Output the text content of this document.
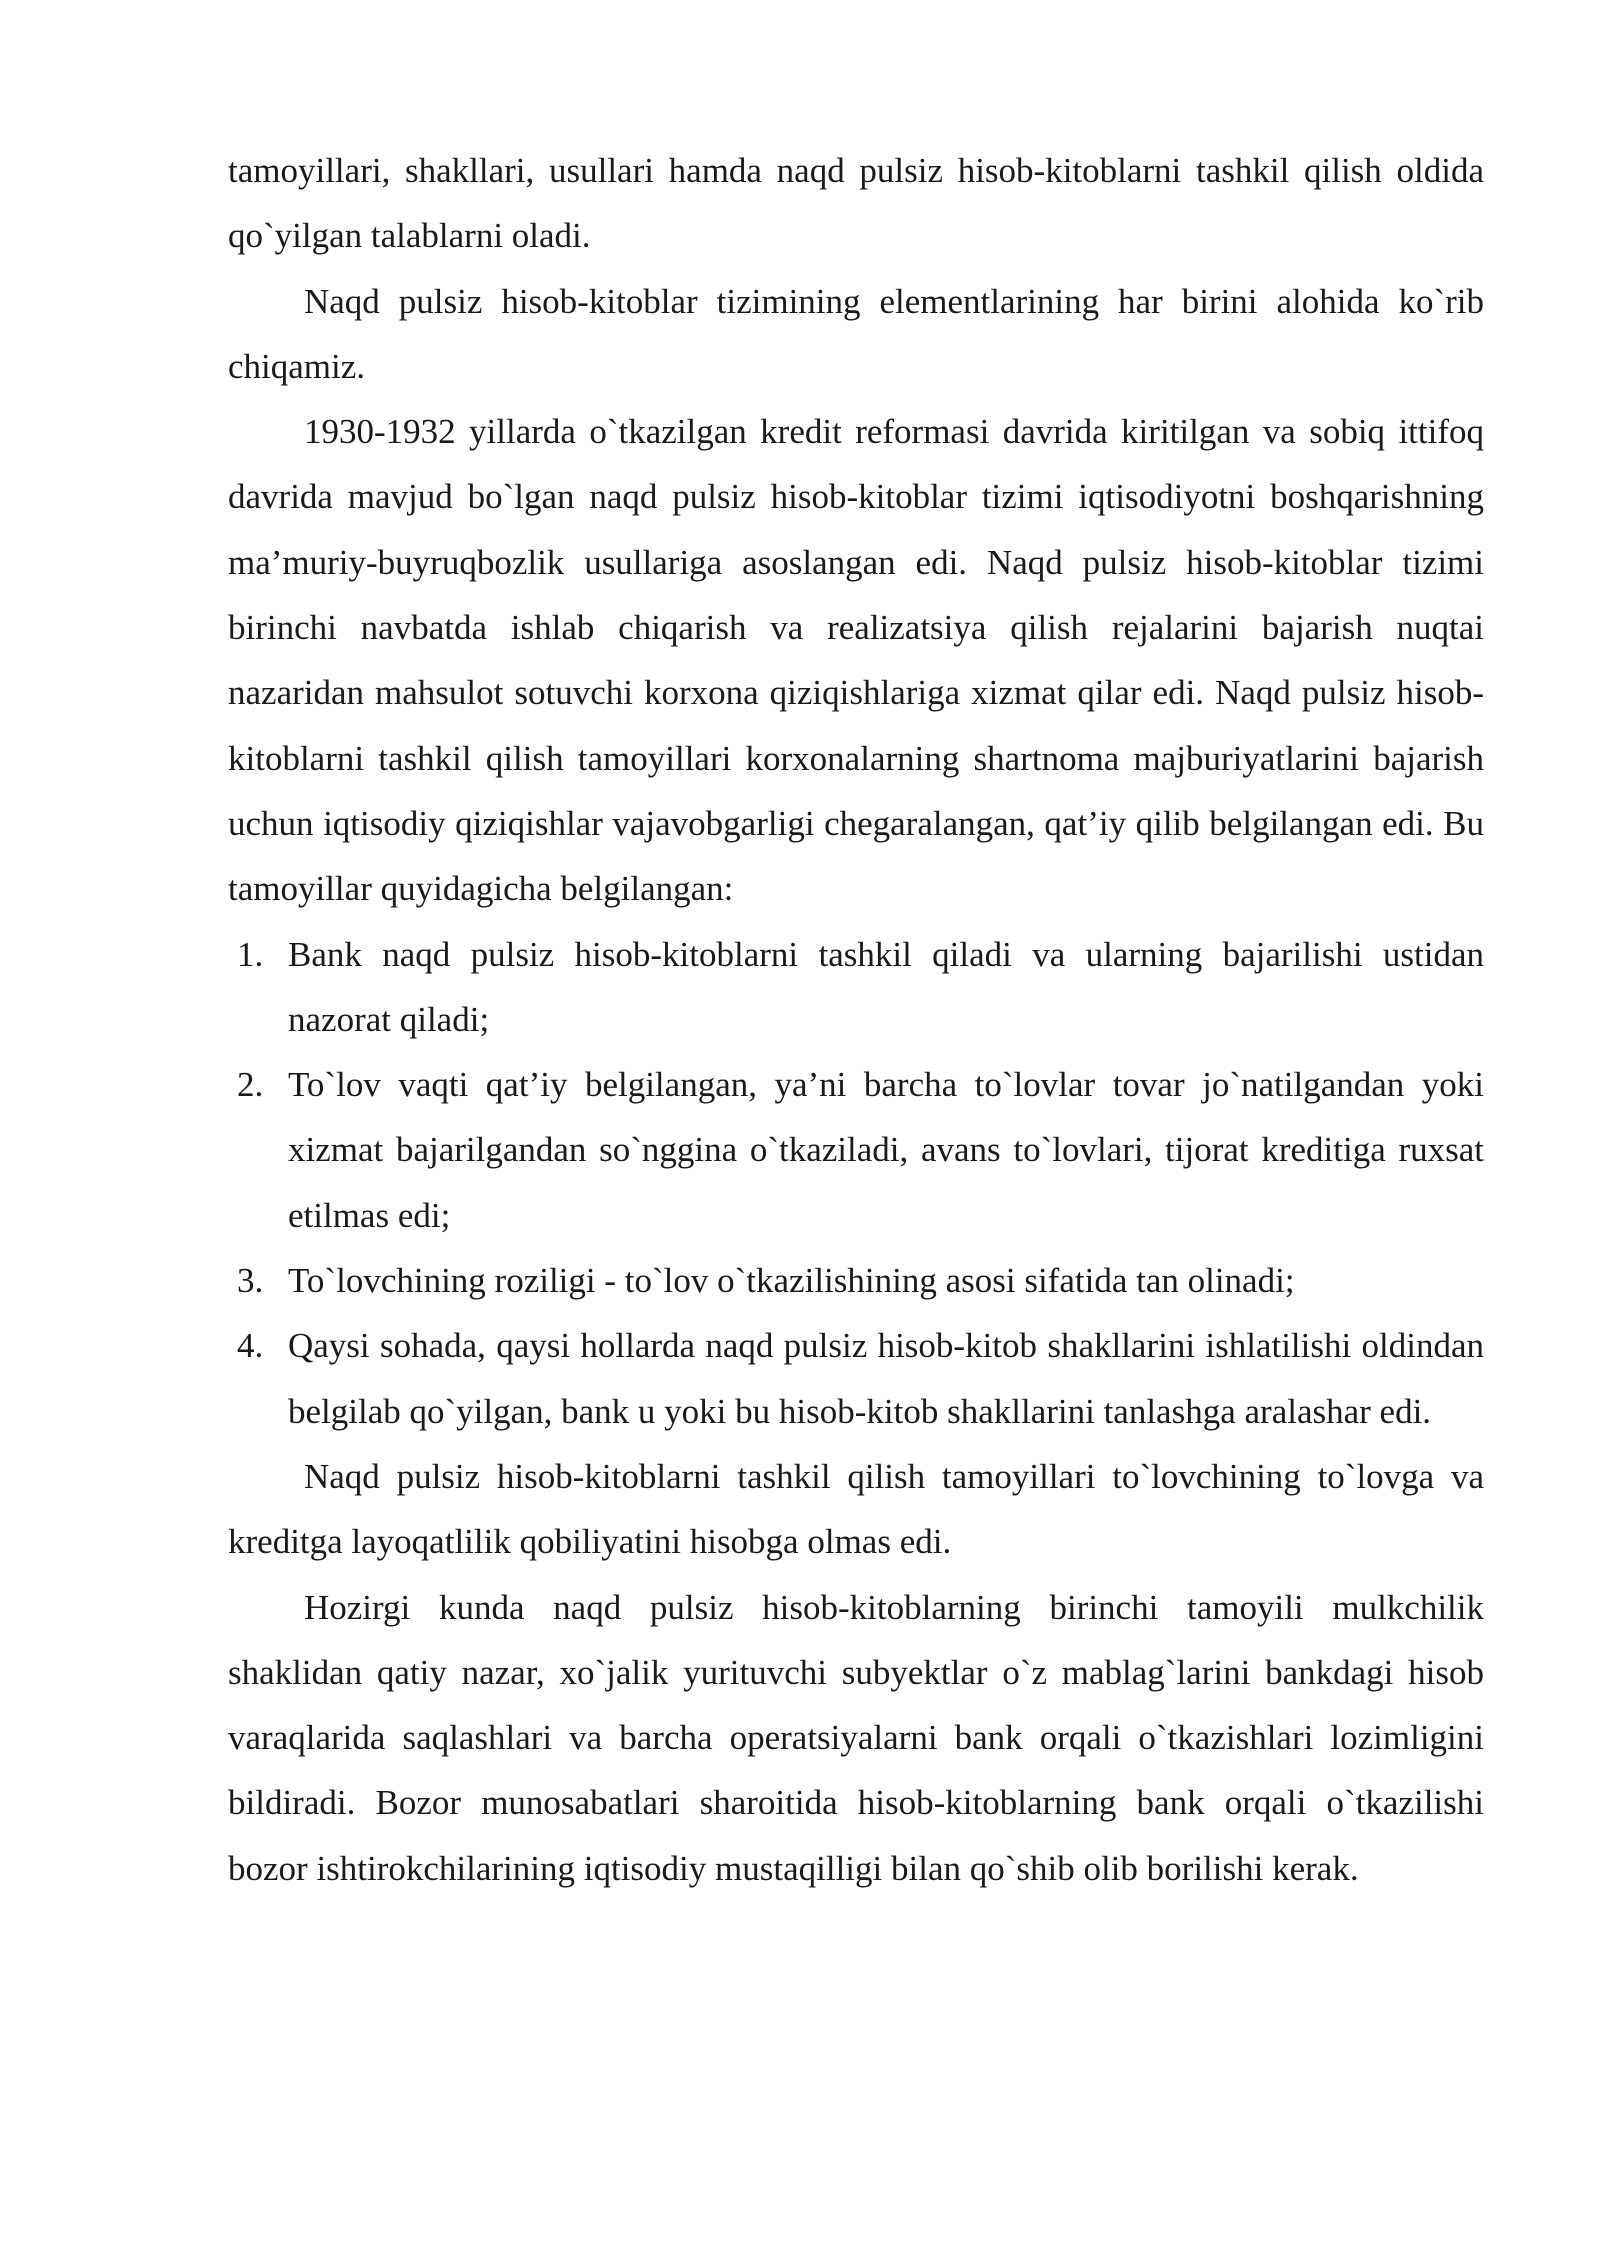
tamoyillari, shakllari, usullari hamda naqd pulsiz hisob-kitoblarni tashkil qilish oldida qo`yilgan talablarni oladi.

Naqd pulsiz hisob-kitoblar tizimining elementlarining har birini alohida ko`rib chiqamiz.

1930-1932 yillarda o`tkazilgan kredit reformasi davrida kiritilgan va sobiq ittifoq davrida mavjud bo`lgan naqd pulsiz hisob-kitoblar tizimi iqtisodiyotni boshqarishning ma’muriy-buyruqbozlik usullariga asoslangan edi. Naqd pulsiz hisob-kitoblar tizimi birinchi navbatda ishlab chiqarish va realizatsiya qilish rejalarini bajarish nuqtai nazaridan mahsulot sotuvchi korxona qiziqishlariga xizmat qilar edi. Naqd pulsiz hisob-kitoblarni tashkil qilish tamoyillari korxonalarning shartnoma majburiyatlarini bajarish uchun iqtisodiy qiziqishlar vajavobgarligi chegaralangan, qat’iy qilib belgilangan edi. Bu tamoyillar quyidagicha belgilangan:

1. Bank naqd pulsiz hisob-kitoblarni tashkil qiladi va ularning bajarilishi ustidan nazorat qiladi;
2. To`lov vaqti qat’iy belgilangan, ya’ni barcha to`lovlar tovar jo`natilgandan yoki xizmat bajarilgandan so`nggina o`tkaziladi, avans to`lovlari, tijorat kreditiga ruxsat etilmas edi;
3. To`lovchining roziligi - to`lov o`tkazilishining asosi sifatida tan olinadi;
4. Qaysi sohada, qaysi hollarda naqd pulsiz hisob-kitob shakllarini ishlatilishi oldindan belgilab qo`yilgan, bank u yoki bu hisob-kitob shakllarini tanlashga aralashar edi.

Naqd pulsiz hisob-kitoblarni tashkil qilish tamoyillari to`lovchining to`lovga va kreditga layoqatlilik qobiliyatini hisobga olmas edi.

Hozirgi kunda naqd pulsiz hisob-kitoblarning birinchi tamoyili mulkchilik shaklidan qatiy nazar, xo`jalik yurituvchi subyektlar o`z mablag`larini bankdagi hisob varaqlarida saqlashlari va barcha operatsiyalarni bank orqali o`tkazishlari lozimligini bildiradi. Bozor munosabatlari sharoitida hisob-kitoblarning bank orqali o`tkazilishi bozor ishtirokchilarining iqtisodiy mustaqilligi bilan qo`shib olib borilishi kerak.
